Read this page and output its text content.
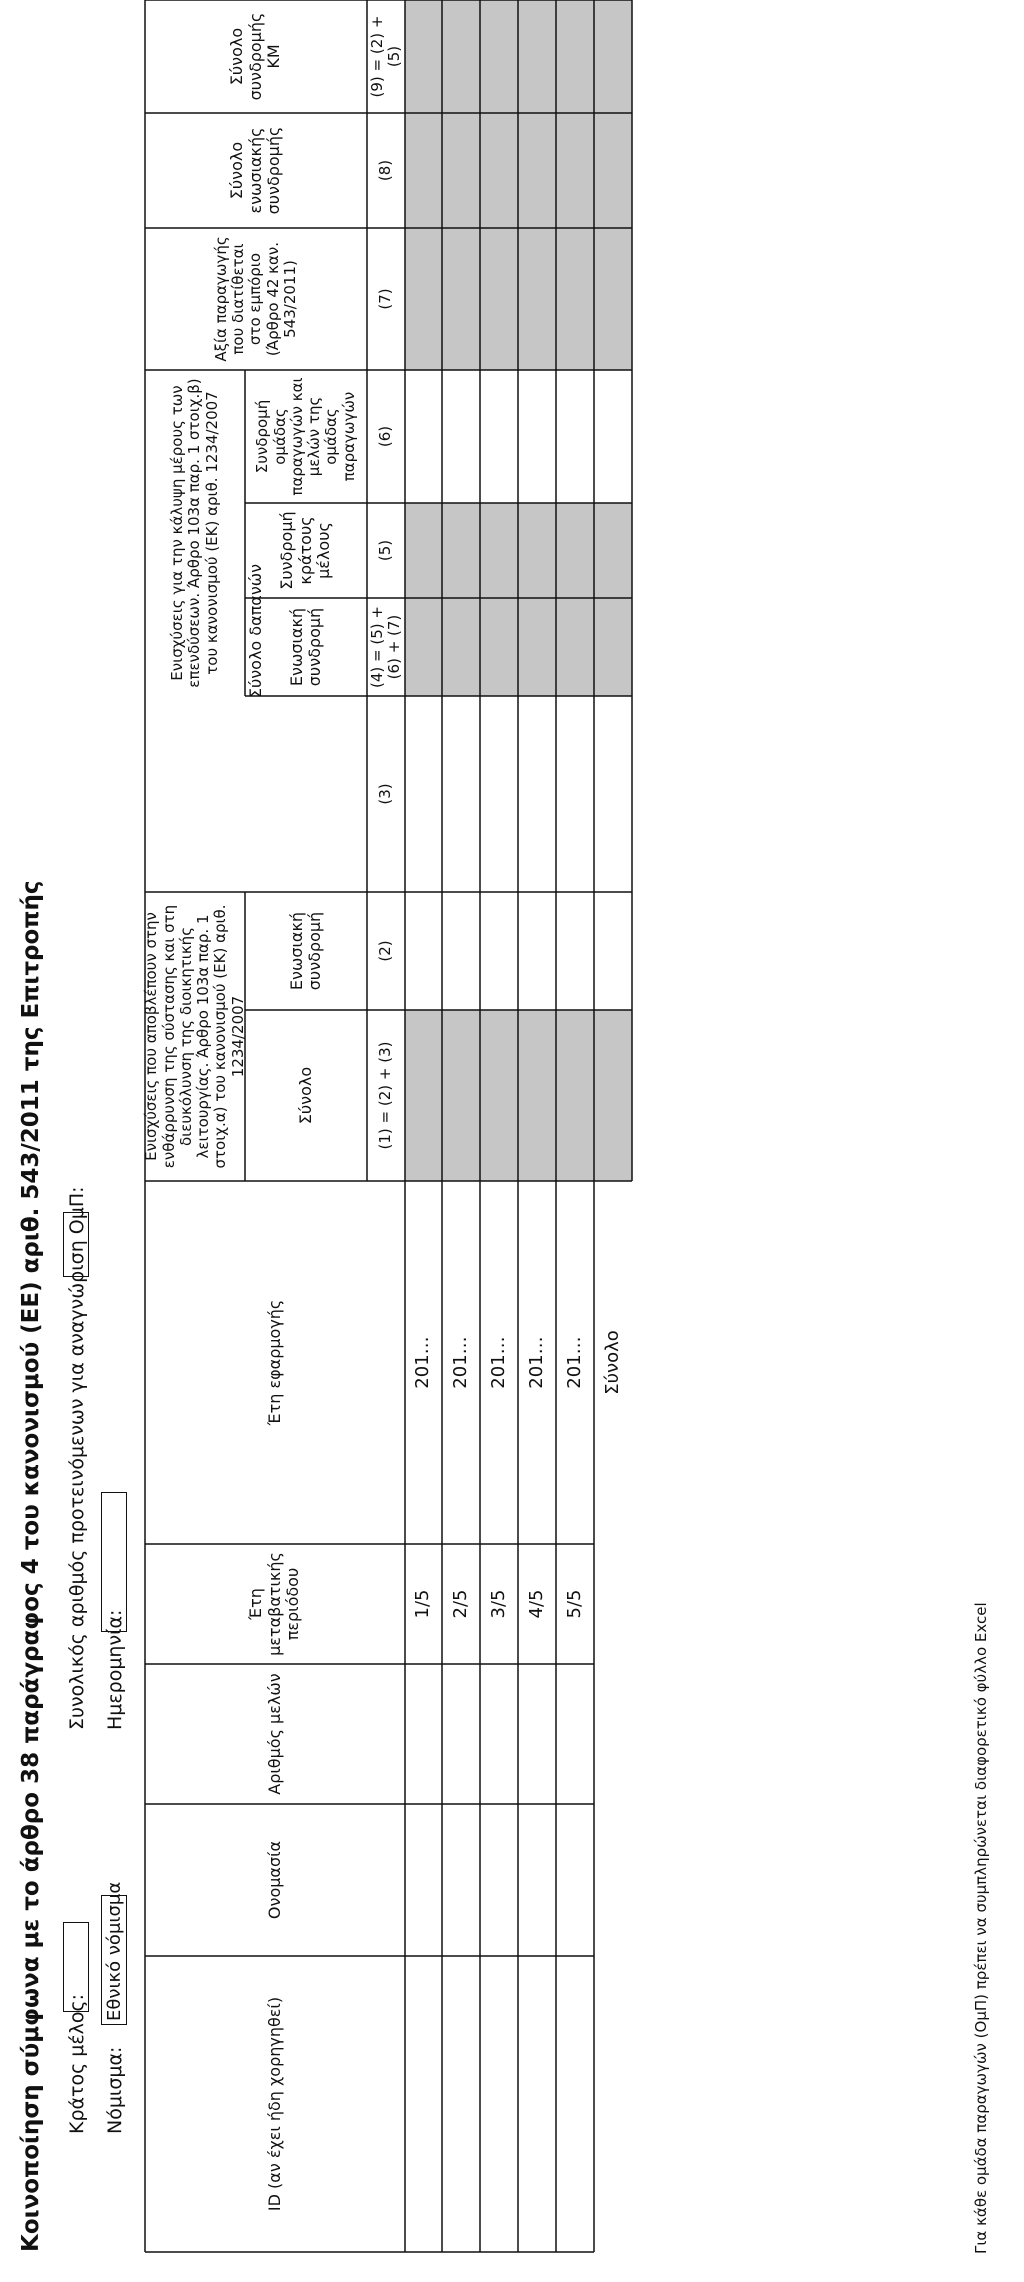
Κοινοποίηση σύμφωνα με το άρθρο 38 παράγραφος 4 του κανονισμού (ΕΕ) αριθ. 543/2011 της Επιτροπής Κράτος μέλος:
Συνολικός αριθμός προτεινόμενων για αναγνώριση ΟμΠ:
Νόμισμα:
Εθνικό νόμισμα
Ημερομηνία:
ID (αν έχει ήδη χορηγηθεί)
Ονομασία
Αριθμός μελών
Έτη μεταβατικής περιόδου
Έτη εφαρμογής
Ενισχύσεις που αποβλέπουν στην ενθάρρυνση της σύστασης και στη διευκόλυνση της διοικητικής λειτουργίας. Άρθρο 103α παρ. 1 στοιχ.α) του κανονισμού (ΕΚ) αριθ. 1234/2007
Σύνολο δαπανών
Ενισχύσεις για την κάλυψη μέρους των επενδύσεων. Άρθρο 103α παρ. 1 στοιχ.β) του κανονισμού (ΕΚ) αριθ. 1234/2007
Σύνολο
Ενωσιακή συνδρομή
Ενωσιακή συνδρομή
Συνδρομή κράτους μέλους
Συνδρομή ομάδας παραγωγών και μελών της ομάδας παραγωγών
Αξία παραγωγής που διατίθεται στο εμπόριο (Άρθρο 42 καν. 543/2011)
Σύνολο ενωσιακής συνδρομής
Σύνολο συνδρομής ΚΜ
(1) = (2) + (3)
(2)
(3)
(4) = (5) + (6) + (7)
(5)
(6)
(7)
(8)
(9) = (2) + (5)
1/5
201…
2/5
201…
3/5
201…
4/5
201…
5/5
201… Σύνολο
Για κάθε ομάδα παραγωγών (ΟμΠ) πρέπει να συμπληρώνεται διαφορετικό φύλλο Excel
